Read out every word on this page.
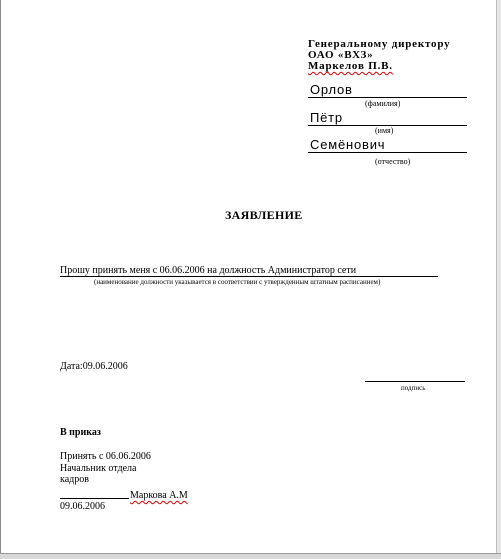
Генеральному директору
ОАО «ВХЗ»
Маркелов П.В.
Орлов
(фамилия)
Пётр
(имя)
Семёнович
(отчество)
ЗАЯВЛЕНИЕ
Прошу принять меня с 06.06.2006 на должность Администратор сети
(наименование должности указывается в соответствии с утвержденным штатным расписанием)
Дата:09.06.2006
подпись
В приказ
Принять с 06.06.2006
Начальник отдела
кадров
Маркова А.М
09.06.2006
